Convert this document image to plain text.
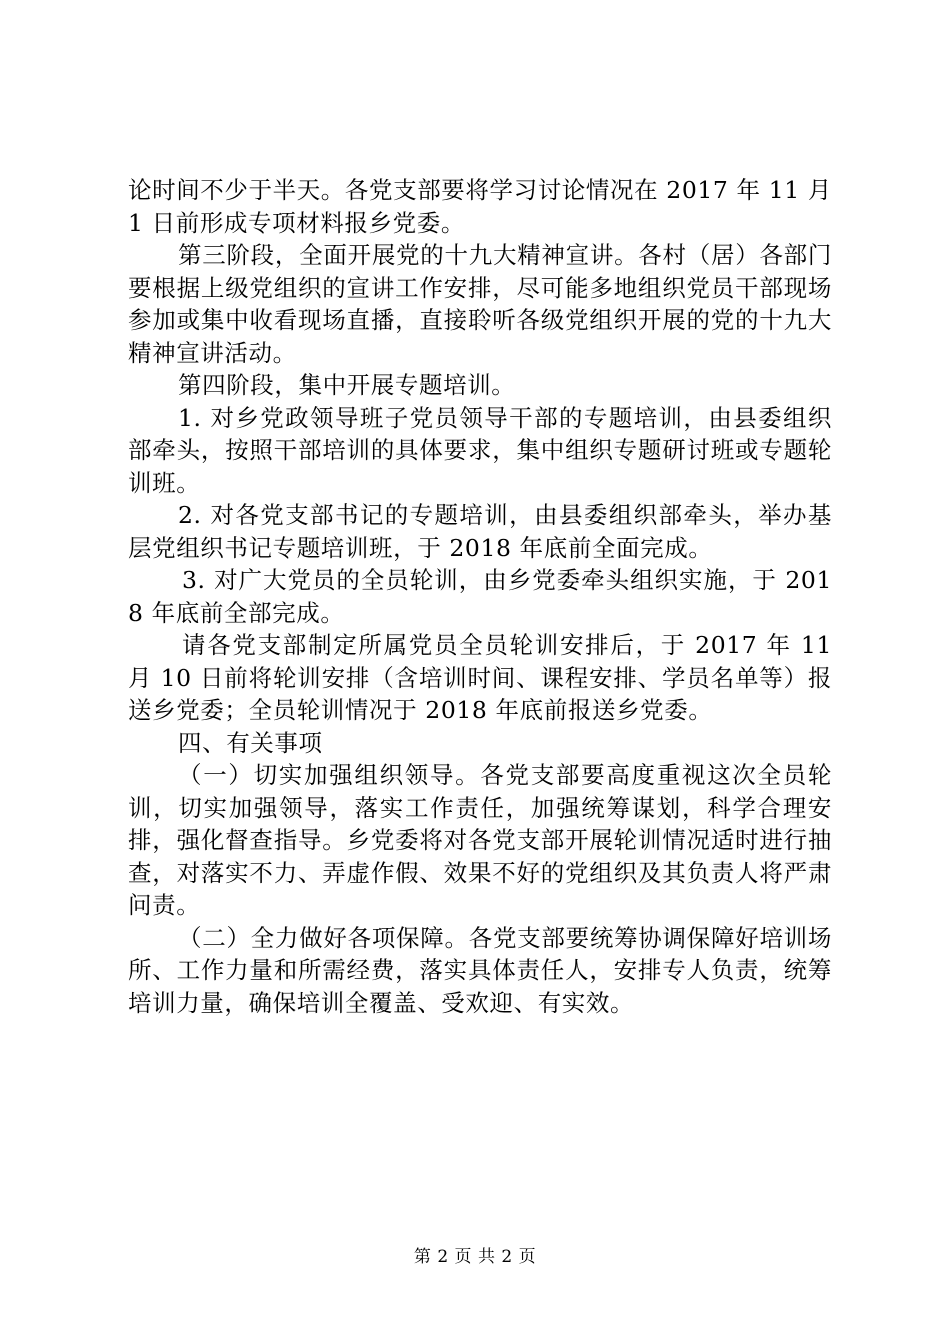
论时间不少于半天。各党支部要将学习讨论情况在 2017 年 11 月 1 日前形成专项材料报乡党委。

第三阶段，全面开展党的十九大精神宣讲。各村（居）各部门要根据上级党组织的宣讲工作安排，尽可能多地组织党员干部现场参加或集中收看现场直播，直接聆听各级党组织开展的党的十九大精神宣讲活动。

第四阶段，集中开展专题培训。

1. 对乡党政领导班子党员领导干部的专题培训，由县委组织部牵头，按照干部培训的具体要求，集中组织专题研讨班或专题轮训班。

2. 对各党支部书记的专题培训，由县委组织部牵头，举办基层党组织书记专题培训班，于 2018 年底前全面完成。

3. 对广大党员的全员轮训，由乡党委牵头组织实施，于 2018 年底前全部完成。

请各党支部制定所属党员全员轮训安排后，于 2017 年 11 月 10 日前将轮训安排（含培训时间、课程安排、学员名单等）报送乡党委；全员轮训情况于 2018 年底前报送乡党委。

四、有关事项

（一）切实加强组织领导。各党支部要高度重视这次全员轮训，切实加强领导，落实工作责任，加强统筹谋划，科学合理安排，强化督查指导。乡党委将对各党支部开展轮训情况适时进行抽查，对落实不力、弄虚作假、效果不好的党组织及其负责人将严肃问责。

（二）全力做好各项保障。各党支部要统筹协调保障好培训场所、工作力量和所需经费，落实具体责任人，安排专人负责，统筹培训力量，确保培训全覆盖、受欢迎、有实效。

第 2 页 共 2 页
